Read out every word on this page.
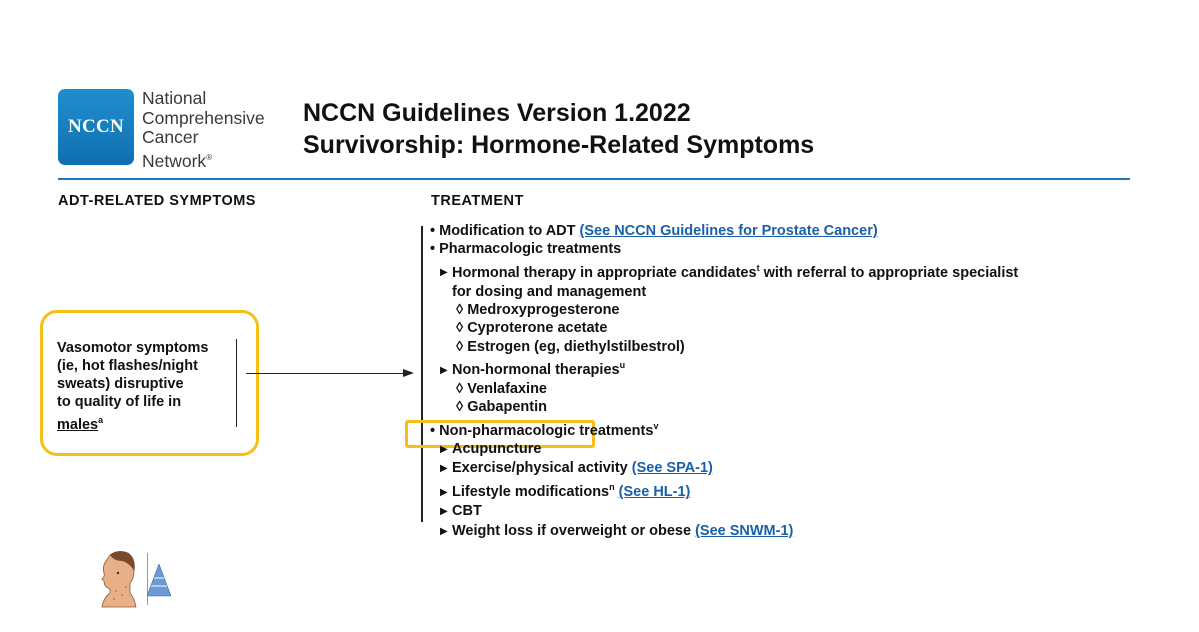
NCCN
National
Comprehensive
Cancer
Network®
NCCN Guidelines Version 1.2022
Survivorship: Hormone-Related Symptoms
ADT-RELATED SYMPTOMS	TREATMENT
Vasomotor symptoms
(ie, hot flashes/night
sweats) disruptive
to quality of life in
males$^a$
• Modification to ADT (See NCCN Guidelines for Prostate Cancer)
• Pharmacologic treatments
▶ Hormonal therapy in appropriate candidates$^t$ with referral to appropriate specialist
for dosing and management
◊ Medroxyprogesterone
◊ Cyproterone acetate
◊ Estrogen (eg, diethylstilbestrol)
▶ Non-hormonal therapies$^u$
◊ Venlafaxine
◊ Gabapentin
• Non-pharmacologic treatments$^v$
▶ Acupuncture
▶ Exercise/physical activity (See SPA-1)
▶ Lifestyle modifications$^n$ (See HL-1)
▶ CBT
▶ Weight loss if overweight or obese (See SNWM-1)
